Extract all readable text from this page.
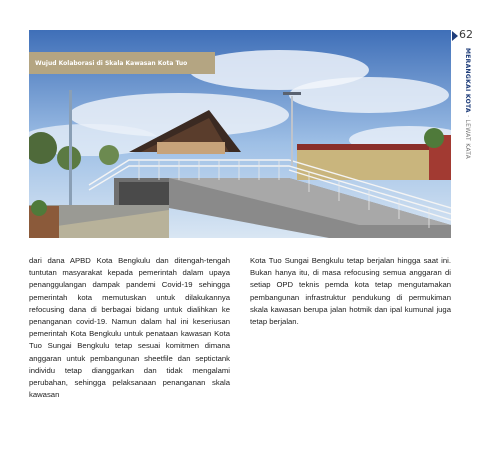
Wujud Kolaborasi di Skala Kawasan Kota Tuo
62
MERANGKAI KOTA · LEWAT KATA
dari dana APBD Kota Bengkulu dan ditengah-tengah tuntutan masyarakat kepada pemerintah dalam upaya penanggulangan dampak pandemi Covid-19 sehingga pemerintah kota memutuskan untuk dilakukannya refocusing dana di berbagai bidang untuk dialihkan ke penanganan covid-19. Namun dalam hal ini keseriusan pemerintah Kota Bengkulu untuk penataan kawasan Kota Tuo Sungai Bengkulu tetap sesuai komitmen dimana anggaran untuk pembangunan sheetfile dan septictank individu tetap dianggarkan dan tidak mengalami perubahan, sehingga pelaksanaan penanganan skala kawasan
Kota Tuo Sungai Bengkulu tetap berjalan hingga saat ini. Bukan hanya itu, di masa refocusing semua anggaran di setiap OPD teknis pemda kota tetap mengutamakan pembangunan infrastruktur pendukung di permukiman skala kawasan berupa jalan hotmik dan ipal kumunal juga tetap berjalan.
